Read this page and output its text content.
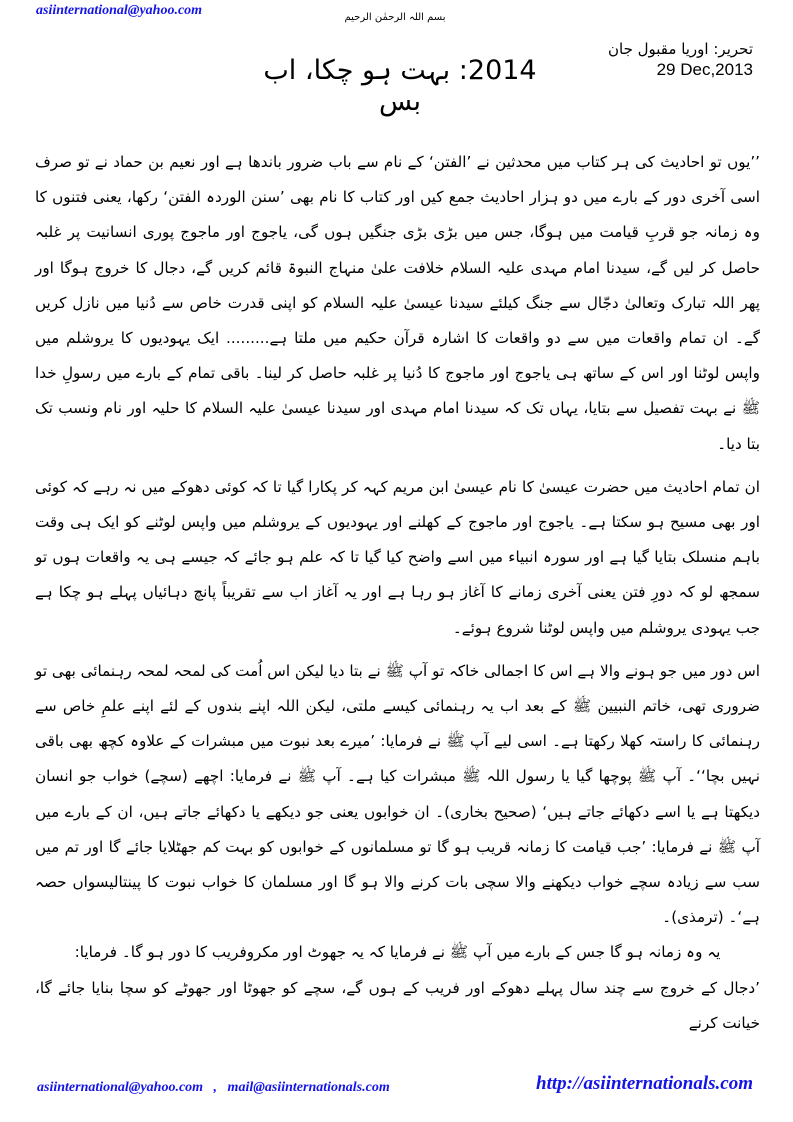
asiinternational@yahoo.com	بسم اللہ الرحمٰن الرحیم
تحریر: اوریا مقبول جان
29 Dec,2013
2014: بہت ہو چکا، اب بس

’’یوں تو احادیث کی ہر کتاب میں محدثین نے ’الفتن‘ کے نام سے باب ضرور باندھا ہے اور نعیم بن حماد نے تو صرف اسی آخری دور کے بارے میں دو ہزار احادیث جمع کیں اور کتاب کا نام بھی ’سنن الوردہ الفتن‘ رکھا، یعنی فتنوں کا وہ زمانہ جو قربِ قیامت میں ہوگا، جس میں بڑی بڑی جنگیں ہوں گی، یاجوج اور ماجوج پوری انسانیت پر غلبہ حاصل کر لیں گے، سیدنا امام مہدی علیہ السلام خلافت علیٰ منہاج النبوۃ قائم کریں گے، دجال کا خروج ہوگا اور پھر اللہ تبارک وتعالیٰ دجّال سے جنگ کیلئے سیدنا عیسیٰ علیہ السلام کو اپنی قدرت خاص سے دُنیا میں نازل کریں گے۔ ان تمام واقعات میں سے دو واقعات کا اشارہ قرآن حکیم میں ملتا ہے......... ایک یہودیوں کا یروشلم میں واپس لوٹنا اور اس کے ساتھ ہی یاجوج اور ماجوج کا دُنیا پر غلبہ حاصل کر لینا۔ باقی تمام کے بارے میں رسولِ خدا ﷺ نے بہت تفصیل سے بتایا، یہاں تک کہ سیدنا امام مہدی اور سیدنا عیسیٰ علیہ السلام کا حلیہ اور نام ونسب تک بتا دیا۔

ان تمام احادیث میں حضرت عیسیٰ کا نام عیسیٰ ابن مریم کہہ کر پکارا گیا تا کہ کوئی دھوکے میں نہ رہے کہ کوئی اور بھی مسیح ہو سکتا ہے۔ یاجوج اور ماجوج کے کھلنے اور یہودیوں کے یروشلم میں واپس لوٹنے کو ایک ہی وقت باہم منسلک بتایا گیا ہے اور سورہ انبیاء میں اسے واضح کیا گیا تا کہ علم ہو جائے کہ جیسے ہی یہ واقعات ہوں تو سمجھ لو کہ دورِ فتن یعنی آخری زمانے کا آغاز ہو رہا ہے اور یہ آغاز اب سے تقریباً پانچ دہائیاں پہلے ہو چکا ہے جب یہودی یروشلم میں واپس لوٹنا شروع ہوئے۔

اس دور میں جو ہونے والا ہے اس کا اجمالی خاکہ تو آپ ﷺ نے بتا دیا لیکن اس اُمت کی لمحہ لمحہ رہنمائی بھی تو ضروری تھی، خاتم النبیین ﷺ کے بعد اب یہ رہنمائی کیسے ملتی، لیکن اللہ اپنے بندوں کے لئے اپنے علمِ خاص سے رہنمائی کا راستہ کھلا رکھتا ہے۔ اسی لیے آپ ﷺ نے فرمایا: ’میرے بعد نبوت میں مبشرات کے علاوہ کچھ بھی باقی نہیں بچا‘‘۔ آپ ﷺ پوچھا گیا یا رسول اللہ ﷺ مبشرات کیا ہے۔ آپ ﷺ نے فرمایا: اچھے (سچے) خواب جو انسان دیکھتا ہے یا اسے دکھائے جاتے ہیں‘ (صحیح بخاری)۔ ان خوابوں یعنی جو دیکھے یا دکھائے جاتے ہیں، ان کے بارے میں آپ ﷺ نے فرمایا: ’جب قیامت کا زمانہ قریب ہو گا تو مسلمانوں کے خوابوں کو بہت کم جھٹلایا جائے گا اور تم میں سب سے زیادہ سچے خواب دیکھنے والا سچی بات کرنے والا ہو گا اور مسلمان کا خواب نبوت کا پینتالیسواں حصہ ہے‘۔ (ترمذی)۔

یہ وہ زمانہ ہو گا جس کے بارے میں آپ ﷺ نے فرمایا کہ یہ جھوٹ اور مکروفریب کا دور ہو گا۔ فرمایا:

’دجال کے خروج سے چند سال پہلے دھوکے اور فریب کے ہوں گے، سچے کو جھوٹا اور جھوٹے کو سچا بنایا جائے گا، خیانت کرنے

asiinternational@yahoo.com   ,   mail@asiinternationals.com	http://asiinternationals.com
